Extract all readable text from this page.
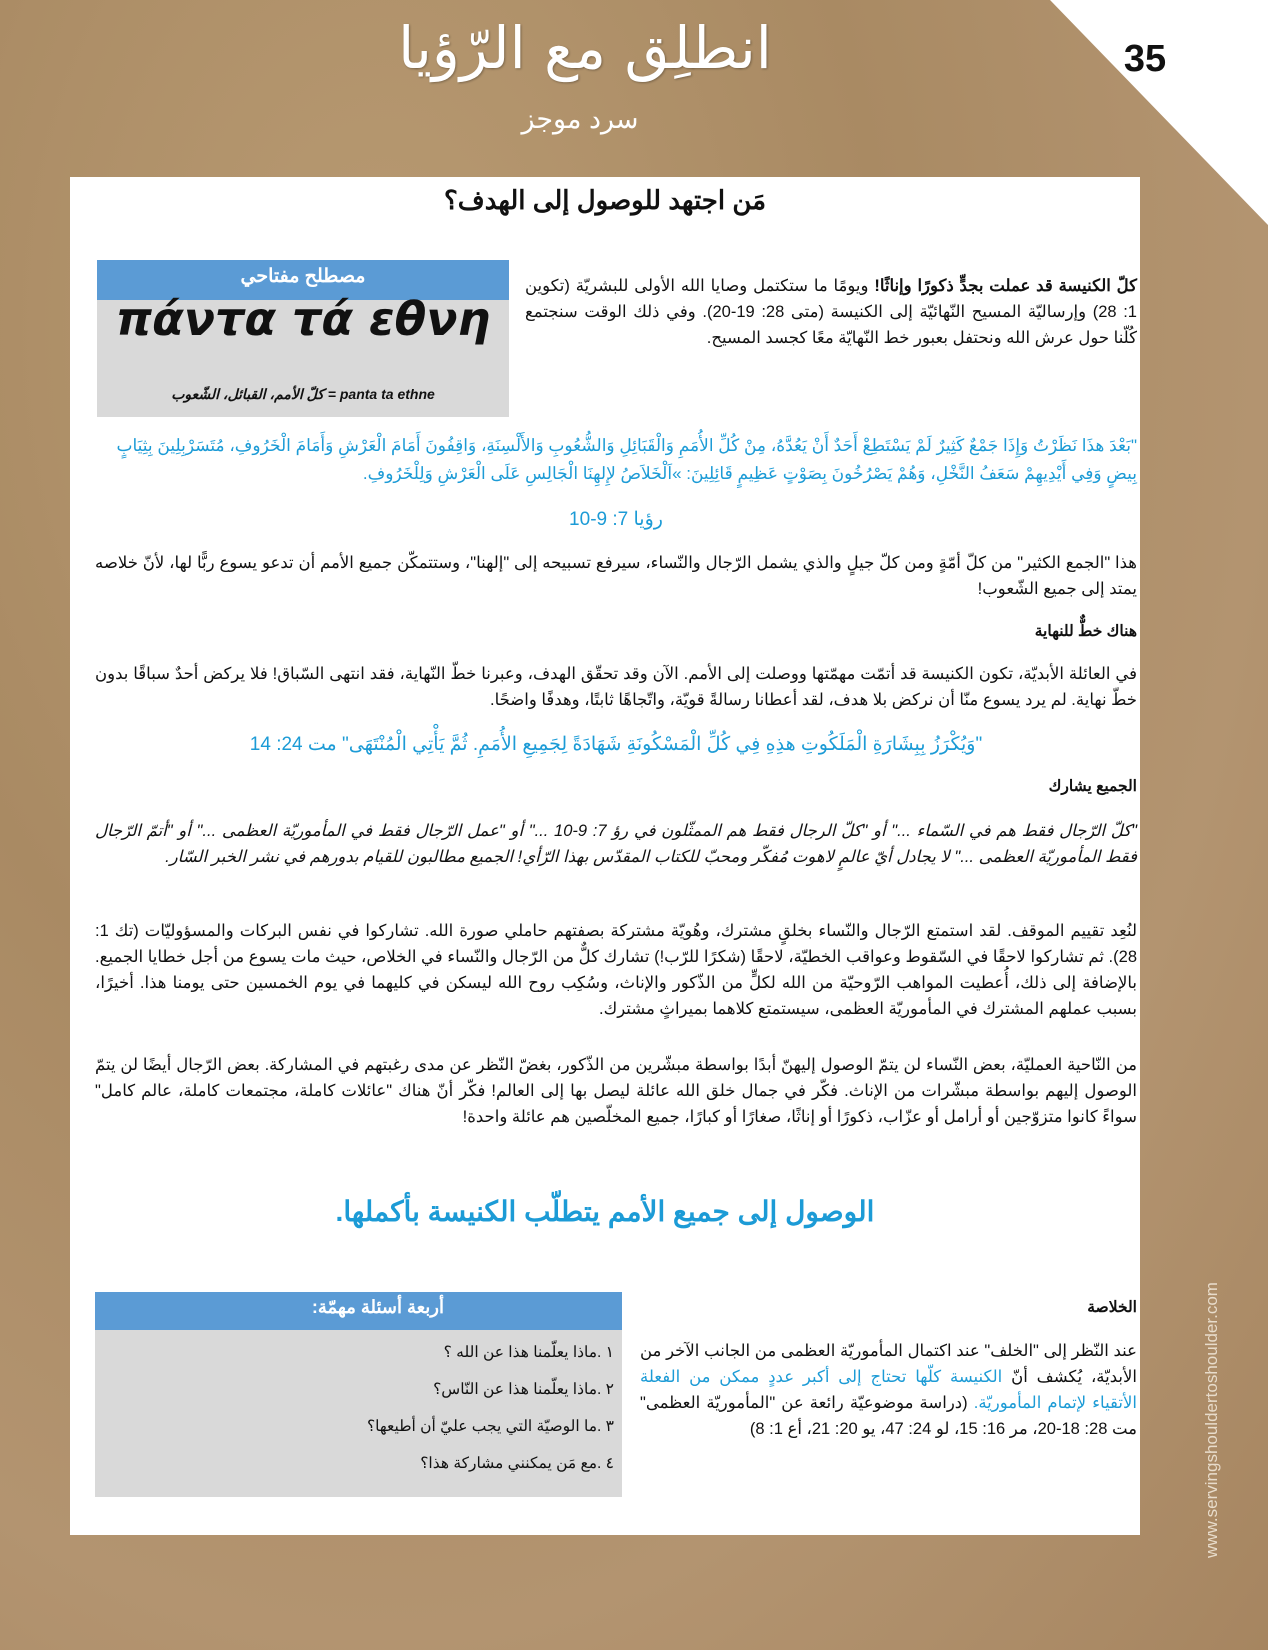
انطلِق مع الرّؤيا
سرد موجز
35
مَن اجتهد للوصول إلى الهدف؟
مصطلح مفتاحي
πάντα τά εθνη
panta ta ethne = كلّ الأمم، القبائل، الشّعوب
كلّ الكنيسة قد عملت بجدٍّ ذكورًا وإناثًا! ويومًا ما ستكتمل وصايا الله الأولى للبشريّة (تكوين 1: 28) وإرساليّة المسيح النّهائيّة إلى الكنيسة (متى 28: 19-20). وفي ذلك الوقت سنجتمع كُلّنا حول عرش الله ونحتفل بعبور خط النّهايّة معًا كجسد المسيح.
"بَعْدَ هذَا نَظَرْتُ وَإِذَا جَمْعٌ كَثِيرٌ لَمْ يَسْتَطِعْ أَحَدٌ أَنْ يَعُدَّهُ، مِنْ كُلِّ الأُمَمِ وَالْقَبَائِلِ وَالشُّعُوبِ وَالأَلْسِنَةِ، وَاقِفُونَ أَمَامَ الْعَرْشِ وَأَمَامَ الْخَرُوفِ، مُتَسَرْبِلِينَ بِثِيَابٍ بِيضٍ وَفِي أَيْدِيهِمْ سَعَفُ النَّخْلِ، وَهُمْ يَصْرُخُونَ بِصَوْتٍ عَظِيمٍ قَائِلِينَ: »اَلْخَلاَصُ لإِلهِنَا الْجَالِسِ عَلَى الْعَرْشِ وَلِلْخَرُوفِ.
رؤيا 7: 9-10
هذا "الجمع الكثير" من كلّ أمّةٍ ومن كلّ جيلٍ والذي يشمل الرّجال والنّساء، سيرفع تسبيحه إلى "إلهنا"، وستتمكّن جميع الأمم أن تدعو يسوع ربًّا لها، لأنّ خلاصه يمتد إلى جميع الشّعوب!
هناك خطٌّ للنهاية
في العائلة الأبديّة، تكون الكنيسة قد أتمّت مهمّتها ووصلت إلى الأمم. الآن وقد تحقّق الهدف، وعبرنا خطّ النّهاية، فقد انتهى السّباق! فلا يركض أحدٌ سباقًا بدون خطّ نهاية. لم يرد يسوع منّا أن نركض بلا هدف، لقد أعطانا رسالةً قويّة، واتّجاهًا ثابتًا، وهدفًا واضحًا.
"وَيُكْرَزُ بِبِشَارَةِ الْمَلَكُوتِ هذِهِ فِي كُلِّ الْمَسْكُونَةِ شَهَادَةً لِجَمِيعِ الأُمَمِ. ثُمَّ يَأْتِي الْمُنْتَهَى" مت 24: 14
الجميع يشارك
"كلّ الرّجال فقط هم في السّماء ..." أو "كلّ الرجال فقط هم الممثّلون في رؤ 7: 9-10 ..." أو "عمل الرّجال فقط في المأموريّة العظمى ..." أو "أتمّ الرّجال فقط المأموريّة العظمى ..." لا يجادل أيّ عالمٍ لاهوت مُفكّر ومحبّ للكتاب المقدّس بهذا الرّأي! الجميع مطالبون للقيام بدورهم في نشر الخبر السّار.
لنُعِد تقييم الموقف. لقد استمتع الرّجال والنّساء بخلقٍ مشترك، وهُويّة مشتركة بصفتهم حاملي صورة الله. تشاركوا في نفس البركات والمسؤوليّات (تك 1: 28). ثم تشاركوا لاحقًا في السّقوط وعواقب الخطيّة، لاحقًا (شكرًا للرّب!) تشارك كلٌّ من الرّجال والنّساء في الخلاص، حيث مات يسوع من أجل خطايا الجميع. بالإضافة إلى ذلك، أُعطيت المواهب الرّوحيّة من الله لكلٍّ من الذّكور والإناث، وسُكِب روح الله ليسكن في كليهما في يوم الخمسين حتى يومنا هذا. أخيرًا، بسبب عملهم المشترك في المأموريّة العظمى، سيستمتع كلاهما بميراثٍ مشترك.
من النّاحية العمليّة، بعض النّساء لن يتمّ الوصول إليهنّ أبدًا بواسطة مبشّرين من الذّكور، بغضّ النّظر عن مدى رغبتهم في المشاركة. بعض الرّجال أيضًا لن يتمّ الوصول إليهم بواسطة مبشّرات من الإناث. فكّر في جمال خلق الله عائلة ليصل بها إلى العالم! فكّر أنّ هناك "عائلات كاملة، مجتمعات كاملة، عالم كامل" سواءً كانوا متزوّجين أو أرامل أو عزّاب، ذكورًا أو إناثًا، صغارًا أو كبارًا، جميع المخلّصين هم عائلة واحدة!
الوصول إلى جميع الأمم يتطلّب الكنيسة بأكملها.
الخلاصة
عند النّظر إلى "الخلف" عند اكتمال المأموريّة العظمى من الجانب الآخر من الأبديّة، يُكشف أنّ الكنيسة كلّها تحتاج إلى أكبر عددٍ ممكن من الفعلة الأتقياء لإتمام المأموريّة. (دراسة موضوعيّة رائعة عن "المأموريّة العظمى" مت 28: 18-20، مر 16: 15، لو 24: 47، يو 20: 21، أع 1: 8)
أربعة أسئلة مهمّة:
١ .ماذا يعلّمنا هذا عن الله ؟
٢ .ماذا يعلّمنا هذا عن النّاس؟
٣ .ما الوصيّة التي يجب عليّ أن أطيعها؟
٤ .مع مَن يمكنني مشاركة هذا؟	www.servingshouldertoshoulder.com
